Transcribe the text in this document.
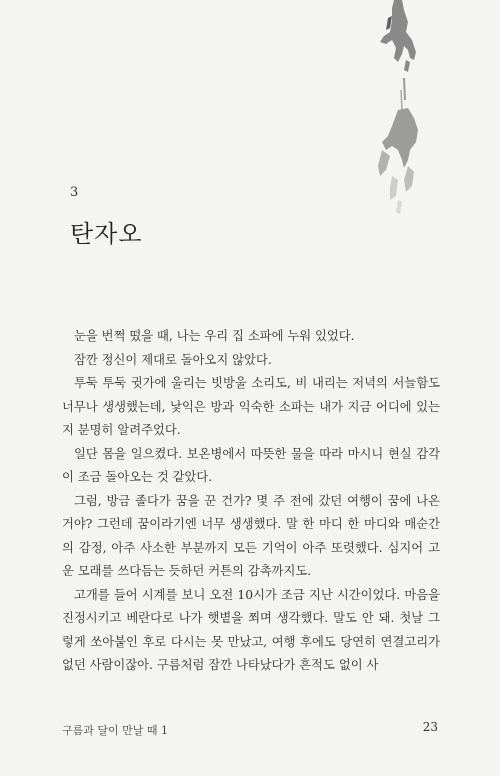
3
탄자오

눈을 번쩍 떴을 때, 나는 우리 집 소파에 누워 있었다.

잠깐 정신이 제대로 돌아오지 않았다.

투둑 투둑 귓가에 울리는 빗방울 소리도, 비 내리는 저녁의 서늘함도 너무나 생생했는데, 낯익은 방과 익숙한 소파는 내가 지금 어디에 있는지 분명히 알려주었다.

일단 몸을 일으켰다. 보온병에서 따뜻한 물을 따라 마시니 현실 감각이 조금 돌아오는 것 같았다.

그럼, 방금 졸다가 꿈을 꾼 건가? 몇 주 전에 갔던 여행이 꿈에 나온 거야? 그런데 꿈이라기엔 너무 생생했다. 말 한 마디 한 마디와 매순간의 감정, 아주 사소한 부분까지 모든 기억이 아주 또렷했다. 심지어 고운 모래를 쓰다듬는 듯하던 커튼의 감촉까지도.

고개를 들어 시계를 보니 오전 10시가 조금 지난 시간이었다. 마음을 진정시키고 베란다로 나가 햇볕을 쬐며 생각했다. 말도 안 돼. 첫날 그렇게 쏘아붙인 후로 다시는 못 만났고, 여행 후에도 당연히 연결고리가 없던 사람이잖아. 구름처럼 잠깐 나타났다가 흔적도 없이 사

구름과 달이 만날 때 1	23
